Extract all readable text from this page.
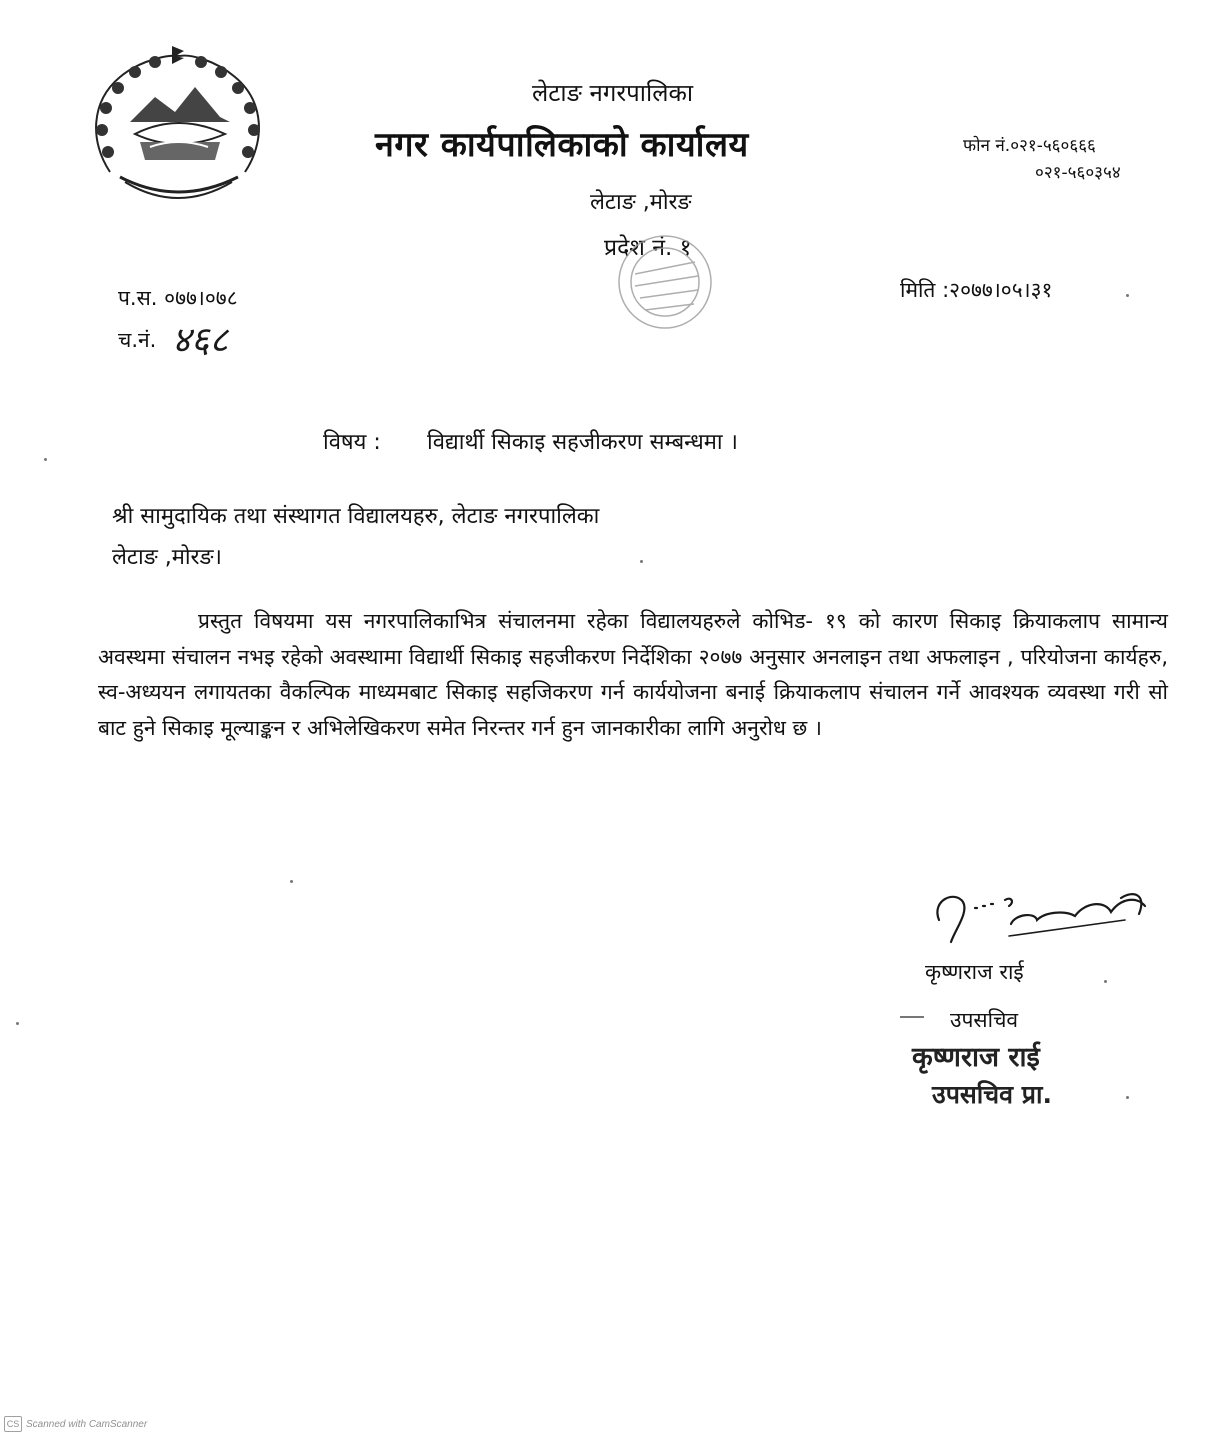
लेटाङ नगरपालिका
नगर कार्यपालिकाको कार्यालय
लेटाङ ,मोरङ
प्रदेश नं. १
फोन नं.०२१-५६०६६६
०२१-५६०३५४
प.स. ०७७।०७८
च.नं. ४६८
मिति :२०७७।०५।३१
विषय : विद्यार्थी सिकाइ सहजीकरण सम्बन्धमा ।
श्री सामुदायिक तथा संस्थागत विद्यालयहरु, लेटाङ नगरपालिका
लेटाङ ,मोरङ।
प्रस्तुत विषयमा यस नगरपालिकाभित्र संचालनमा रहेका विद्यालयहरुले कोभिड- १९ को कारण सिकाइ क्रियाकलाप सामान्य अवस्थमा संचालन नभइ रहेको अवस्थामा विद्यार्थी सिकाइ सहजीकरण निर्देशिका २०७७ अनुसार अनलाइन तथा अफलाइन , परियोजना कार्यहरु, स्व-अध्ययन लगायतका वैकल्पिक माध्यमबाट सिकाइ सहजिकरण गर्न कार्ययोजना बनाई क्रियाकलाप संचालन गर्ने आवश्यक व्यवस्था गरी सो बाट हुने सिकाइ मूल्याङ्कन र अभिलेखिकरण समेत निरन्तर गर्न हुन जानकारीका लागि अनुरोध छ ।
कृष्णराज राई
उपसचिव
कृष्णराज राई
उपसचिव प्रा.
CS Scanned with CamScanner
